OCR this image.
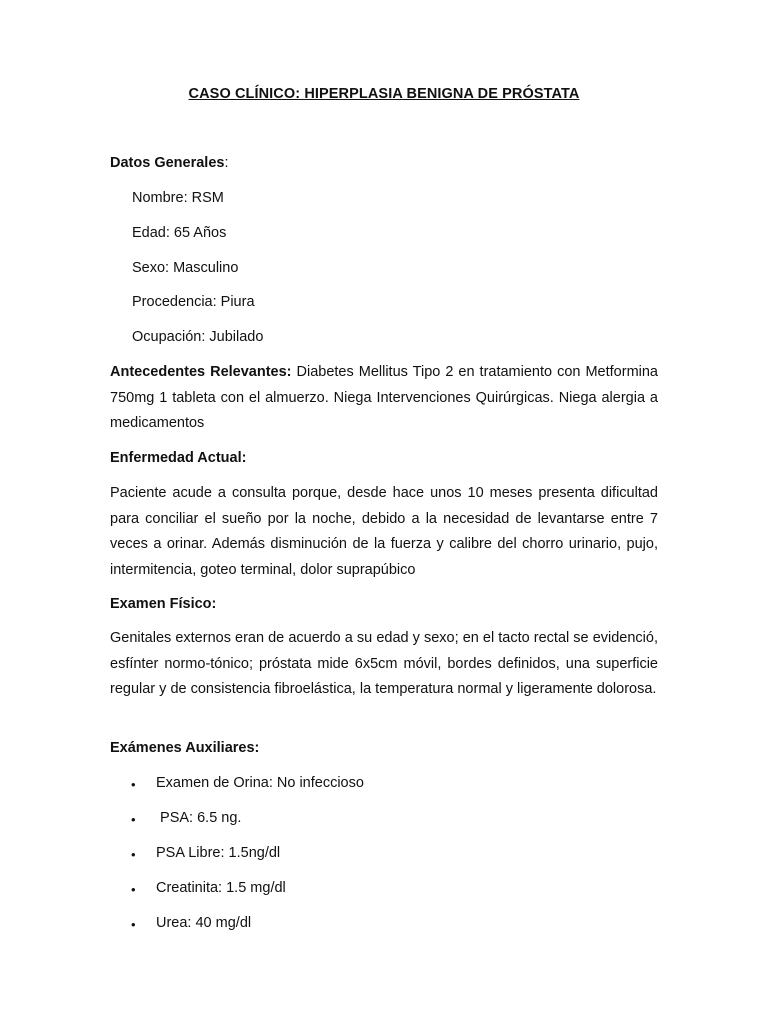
CASO CLÍNICO: HIPERPLASIA BENIGNA DE PRÓSTATA
Datos Generales:
Nombre: RSM
Edad: 65 Años
Sexo: Masculino
Procedencia: Piura
Ocupación: Jubilado
Antecedentes Relevantes: Diabetes Mellitus Tipo 2 en tratamiento con Metformina 750mg 1 tableta con el almuerzo. Niega Intervenciones Quirúrgicas. Niega alergia a medicamentos
Enfermedad Actual:
Paciente acude a consulta porque, desde hace unos 10 meses presenta dificultad para conciliar el sueño por la noche, debido a la necesidad de levantarse entre 7 veces a orinar. Además disminución de la fuerza y calibre del chorro urinario, pujo, intermitencia, goteo terminal, dolor suprapúbico
Examen Físico:
Genitales externos eran de acuerdo a su edad y sexo; en el tacto rectal se evidenció, esfínter normo-tónico; próstata mide 6x5cm móvil, bordes definidos, una superficie regular y de consistencia fibroelástica, la temperatura normal y ligeramente dolorosa.
Exámenes Auxiliares:
• Examen de Orina: No infeccioso
• PSA: 6.5 ng.
• PSA Libre: 1.5ng/dl
• Creatinita: 1.5 mg/dl
• Urea: 40 mg/dl
